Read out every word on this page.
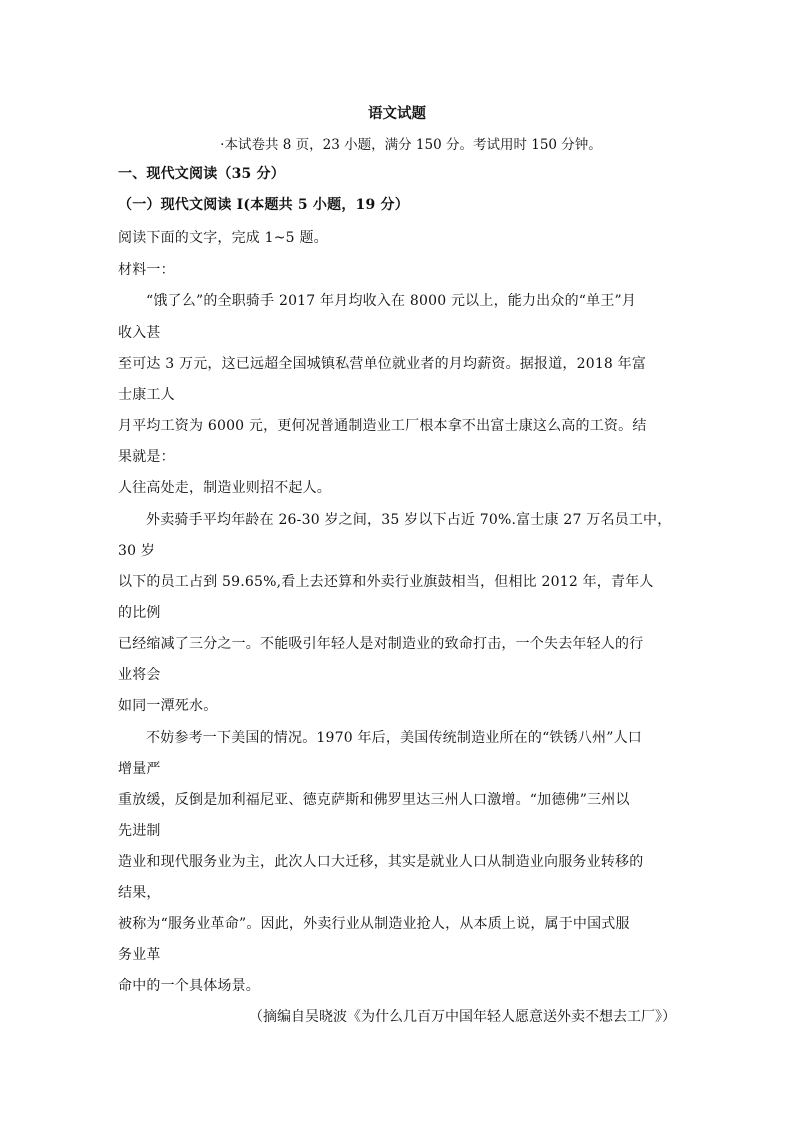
语文试题
·本试卷共 8 页，23 小题，满分 150 分。考试用时 150 分钟。
一、现代文阅读（35 分）
（一）现代文阅读 I(本题共 5 小题，19 分）
阅读下面的文字，完成 1~5 题。
材料一：
“饿了么”的全职骑手 2017 年月均收入在 8000 元以上，能力出众的“单王”月
收入甚
至可达 3 万元，这已远超全国城镇私营单位就业者的月均薪资。据报道，2018 年富
士康工人
月平均工资为 6000 元，更何况普通制造业工厂根本拿不出富士康这么高的工资。结
果就是：
人往高处走，制造业则招不起人。
外卖骑手平均年龄在 26-30 岁之间，35 岁以下占近 70%.富士康 27 万名员工中，
30 岁
以下的员工占到 59.65%,看上去还算和外卖行业旗鼓相当，但相比 2012 年，青年人
的比例
已经缩减了三分之一。不能吸引年轻人是对制造业的致命打击，一个失去年轻人的行
业将会
如同一潭死水。
不妨参考一下美国的情况。1970 年后，美国传统制造业所在的“铁锈八州”人口
增量严
重放缓，反倒是加利福尼亚、德克萨斯和佛罗里达三州人口激增。“加德佛”三州以
先进制
造业和现代服务业为主，此次人口大迁移，其实是就业人口从制造业向服务业转移的
结果，
被称为“服务业革命”。因此，外卖行业从制造业抢人，从本质上说，属于中国式服
务业革
命中的一个具体场景。
（摘编自吴晓波《为什么几百万中国年轻人愿意送外卖不想去工厂》）
